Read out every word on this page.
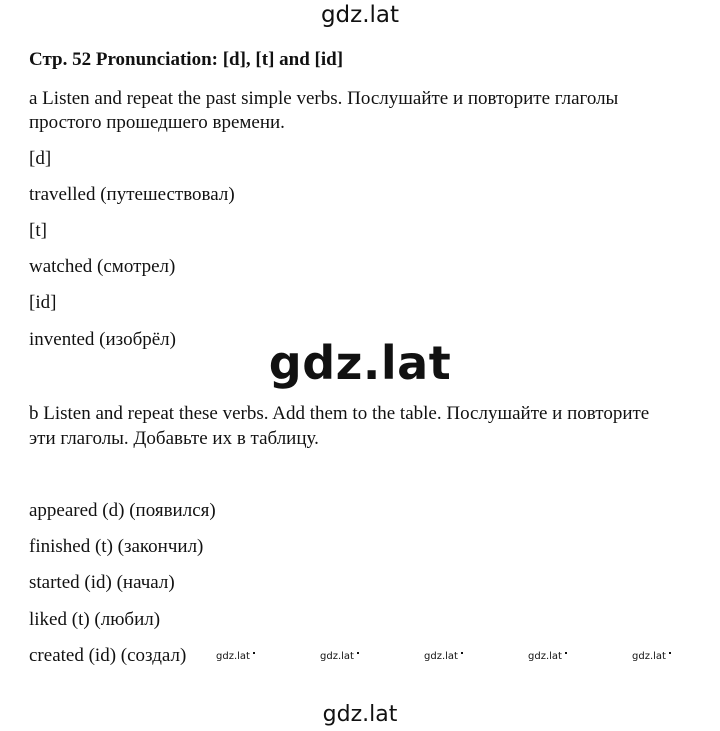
gdz.lat

Стр. 52 Pronunciation: [d], [t] and [id]

a Listen and repeat the past simple verbs. Послушайте и повторите глаголы

простого прошедшего времени.

[d]

travelled (путешествовал)

[t]

watched (смотрел)

[id]

invented (изобрёл)

b Listen and repeat these verbs. Add them to the table. Послушайте и повторите

эти глаголы. Добавьте их в таблицу.

appeared (d) (появился)

finished (t) (закончил)

started (id) (начал)

liked (t) (любил)

created (id) (создал)

gdz.lat
gdz.lat	gdz.lat	gdz.lat	gdz.lat	gdz.lat
gdz.lat
